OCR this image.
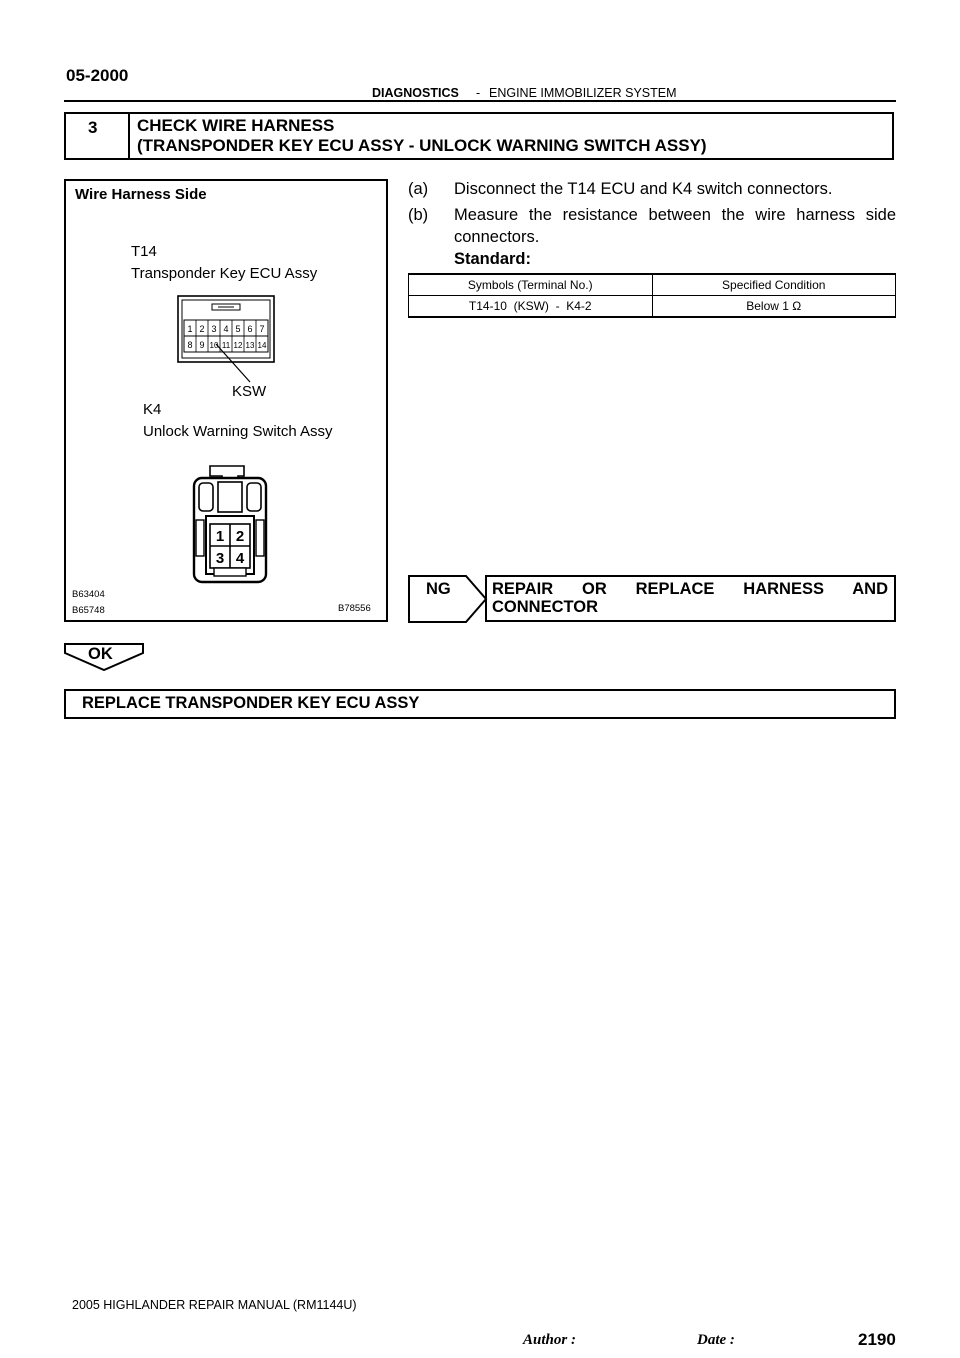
05-2000
-
DIAGNOSTICS ENGINE IMMOBILIZER SYSTEM
3 CHECK WIRE HARNESS
(TRANSPONDER KEY ECU ASSY - UNLOCK WARNING SWITCH ASSY)
Wire Harness Side
T14
Transponder Key ECU Assy
1 2 3 4 5 6 7
8 9 10 11 12 13 14
KSW
K4
Unlock Warning Switch Assy
1 2
3 4
B63404
B65748	B78556
(a) Disconnect the T14 ECU and K4 switch connectors.
(b) Measure the resistance between the wire harness side
connectors.
Standard:
Symbols (Terminal No.)	Specified Condition
T14-10  (KSW)  -  K4-2	Below 1 Ω
NG	REPAIR OR REPLACE HARNESS AND
CONNECTOR
OK
REPLACE TRANSPONDER KEY ECU ASSY
2005 HIGHLANDER REPAIR MANUAL (RM1144U)
Author :	Date :	2190
